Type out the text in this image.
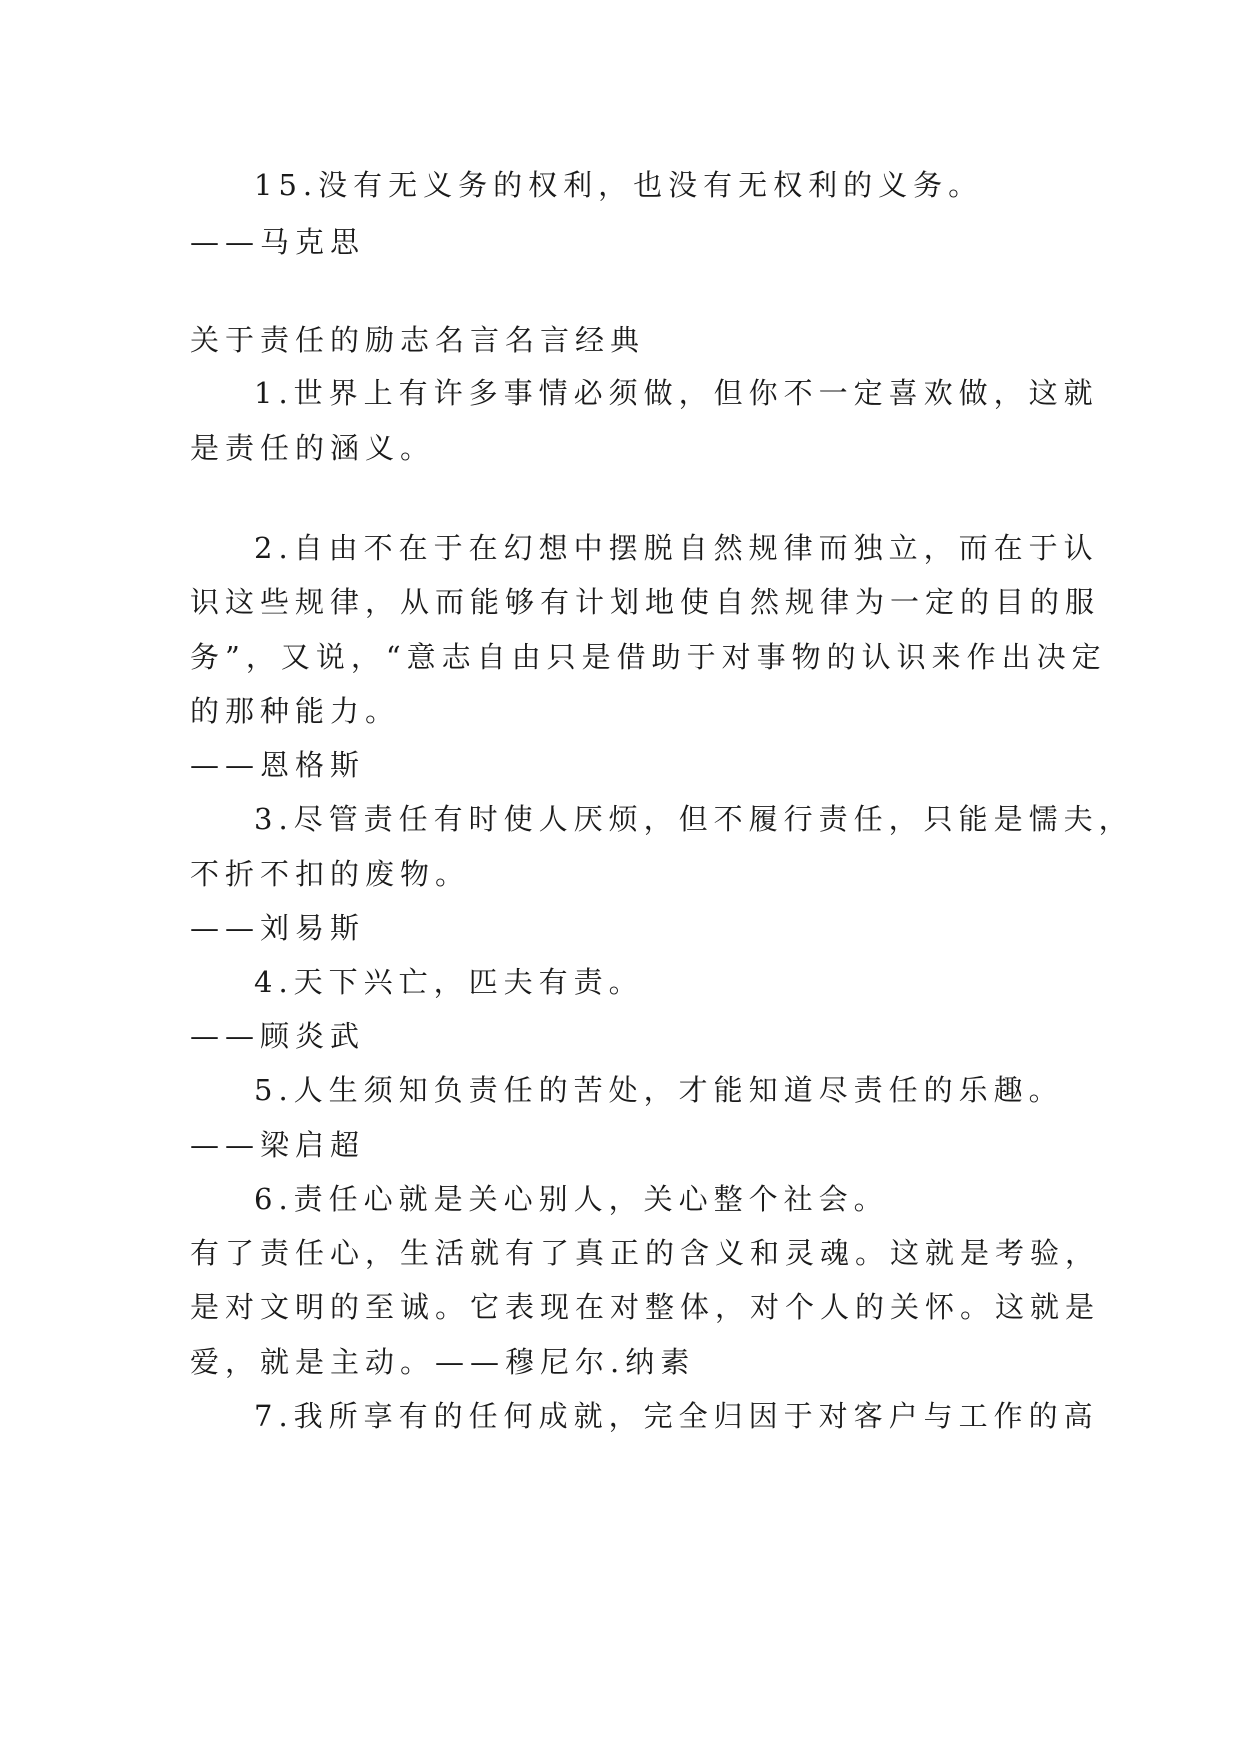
15.没有无义务的权利，也没有无权利的义务。
——马克思
关于责任的励志名言名言经典
1.世界上有许多事情必须做，但你不一定喜欢做，这就
是责任的涵义。
2.自由不在于在幻想中摆脱自然规律而独立，而在于认
识这些规律，从而能够有计划地使自然规律为一定的目的服
务”，又说，“意志自由只是借助于对事物的认识来作出决定
的那种能力。
——恩格斯
3.尽管责任有时使人厌烦，但不履行责任，只能是懦夫，
不折不扣的废物。
——刘易斯
4.天下兴亡，匹夫有责。
——顾炎武
5.人生须知负责任的苦处，才能知道尽责任的乐趣。
——梁启超
6.责任心就是关心别人，关心整个社会。
有了责任心，生活就有了真正的含义和灵魂。这就是考验，
是对文明的至诚。它表现在对整体，对个人的关怀。这就是
爱，就是主动。——穆尼尔.纳素
7.我所享有的任何成就，完全归因于对客户与工作的高
